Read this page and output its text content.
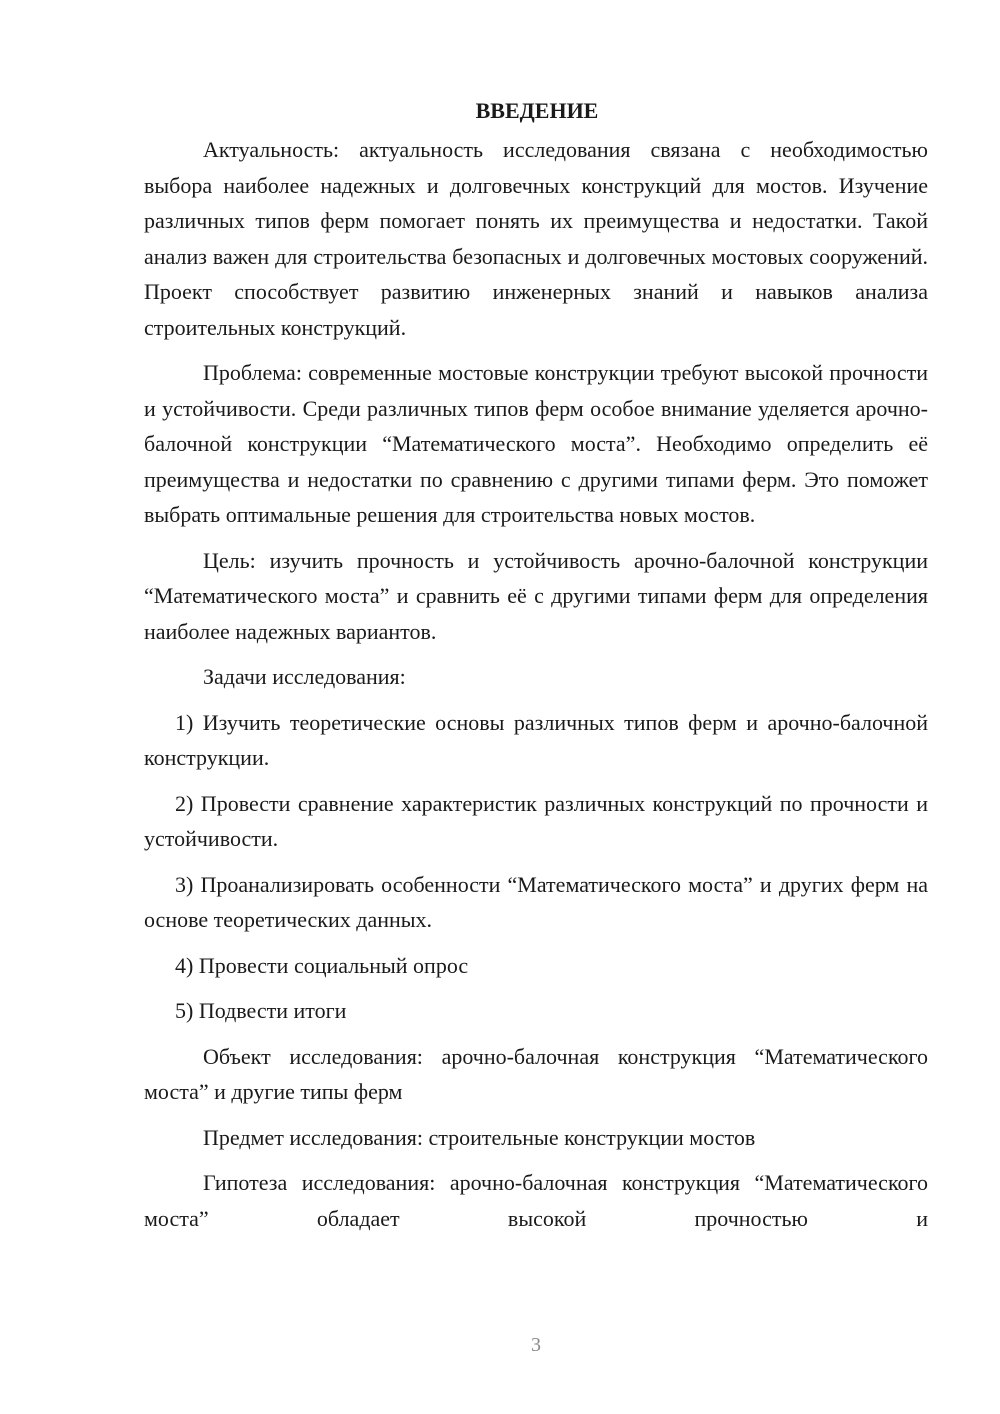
ВВЕДЕНИЕ

Актуальность: актуальность исследования связана с необходимостью выбора наиболее надежных и долговечных конструкций для мостов. Изучение различных типов ферм помогает понять их преимущества и недостатки. Такой анализ важен для строительства безопасных и долговечных мостовых сооружений. Проект способствует развитию инженерных знаний и навыков анализа строительных конструкций.

Проблема: современные мостовые конструкции требуют высокой прочности и устойчивости. Среди различных типов ферм особое внимание уделяется арочно-балочной конструкции “Математического моста”. Необходимо определить её преимущества и недостатки по сравнению с другими типами ферм. Это поможет выбрать оптимальные решения для строительства новых мостов.

Цель: изучить прочность и устойчивость арочно-балочной конструкции “Математического моста” и сравнить её с другими типами ферм для определения наиболее надежных вариантов.

Задачи исследования:

1) Изучить теоретические основы различных типов ферм и арочно-балочной конструкции.

2) Провести сравнение характеристик различных конструкций по прочности и устойчивости.

3) Проанализировать особенности “Математического моста” и других ферм на основе теоретических данных.

4) Провести социальный опрос

5) Подвести итоги

Объект исследования: арочно-балочная конструкция “Математического моста” и другие типы ферм

Предмет исследования: строительные конструкции мостов

Гипотеза исследования: арочно-балочная конструкция “Математического моста” обладает высокой прочностью и

3
